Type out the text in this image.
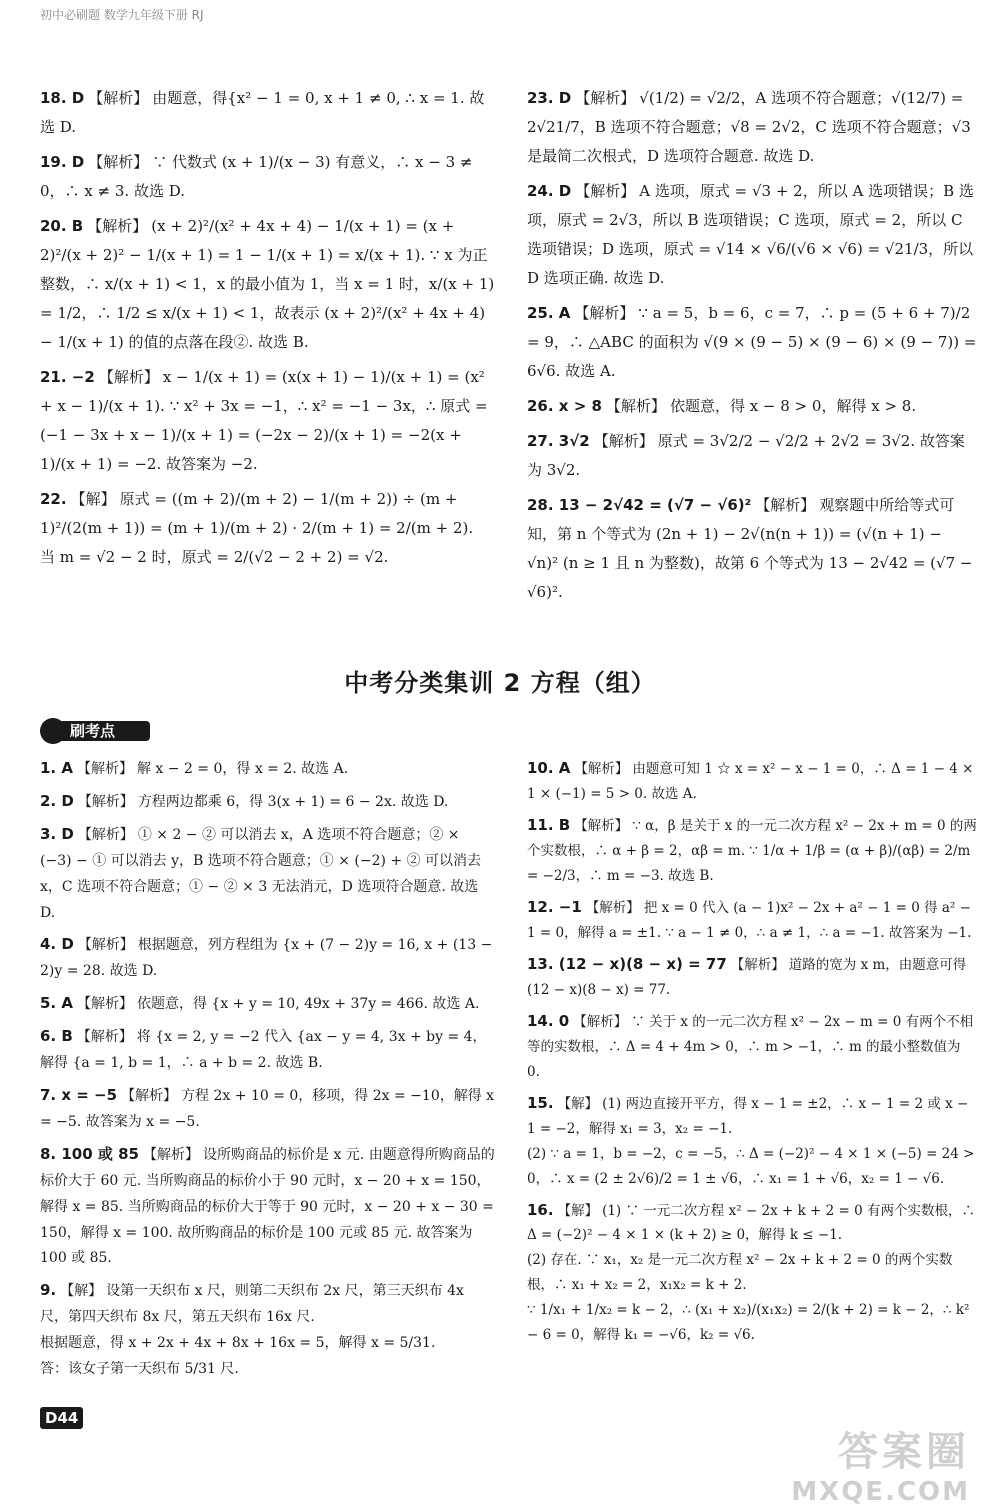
初中必刷题 数学九年级下册 RJ
18. D 【解析】 由题意，得{x² − 1 = 0, x + 1 ≠ 0, ∴ x = 1. 故选 D.
19. D 【解析】 ∵ 代数式 (x + 1)/(x − 3) 有意义，∴ x − 3 ≠ 0，∴ x ≠ 3. 故选 D.
20. B 【解析】 (x + 2)²/(x² + 4x + 4) − 1/(x + 1) = (x + 2)²/(x + 2)² − 1/(x + 1) = 1 − 1/(x + 1) = x/(x + 1). ∵ x 为正整数，∴ x/(x + 1) < 1，x 的最小值为 1，当 x = 1 时，x/(x + 1) = 1/2，∴ 1/2 ≤ x/(x + 1) < 1，故表示 (x + 2)²/(x² + 4x + 4) − 1/(x + 1) 的值的点落在段②. 故选 B.
21. −2 【解析】 x − 1/(x + 1) = (x(x + 1) − 1)/(x + 1) = (x² + x − 1)/(x + 1). ∵ x² + 3x = −1，∴ x² = −1 − 3x，∴ 原式 = (−1 − 3x + x − 1)/(x + 1) = (−2x − 2)/(x + 1) = −2(x + 1)/(x + 1) = −2. 故答案为 −2.
22. 【解】 原式 = ((m + 2)/(m + 2) − 1/(m + 2)) ÷ (m + 1)²/(2(m + 1)) = (m + 1)/(m + 2) · 2/(m + 1) = 2/(m + 2).
当 m = √2 − 2 时，原式 = 2/(√2 − 2 + 2) = √2.
23. D 【解析】 √(1/2) = √2/2，A 选项不符合题意；√(12/7) = 2√21/7，B 选项不符合题意；√8 = 2√2，C 选项不符合题意；√3 是最简二次根式，D 选项符合题意. 故选 D.
24. D 【解析】 A 选项，原式 = √3 + 2，所以 A 选项错误；B 选项，原式 = 2√3，所以 B 选项错误；C 选项，原式 = 2，所以 C 选项错误；D 选项，原式 = √14 × √6/(√6 × √6) = √21/3，所以 D 选项正确. 故选 D.
25. A 【解析】 ∵ a = 5，b = 6，c = 7，∴ p = (5 + 6 + 7)/2 = 9，∴ △ABC 的面积为 √(9 × (9 − 5) × (9 − 6) × (9 − 7)) = 6√6. 故选 A.
26. x > 8 【解析】 依题意，得 x − 8 > 0，解得 x > 8.
27. 3√2 【解析】 原式 = 3√2/2 − √2/2 + 2√2 = 3√2. 故答案为 3√2.
28. 13 − 2√42 = (√7 − √6)² 【解析】 观察题中所给等式可知，第 n 个等式为 (2n + 1) − 2√(n(n + 1)) = (√(n + 1) − √n)² (n ≥ 1 且 n 为整数)，故第 6 个等式为 13 − 2√42 = (√7 − √6)².
中考分类集训 2 方程（组）
刷考点
1. A 【解析】 解 x − 2 = 0，得 x = 2. 故选 A.
2. D 【解析】 方程两边都乘 6，得 3(x + 1) = 6 − 2x. 故选 D.
3. D 【解析】 ① × 2 − ② 可以消去 x，A 选项不符合题意；② × (−3) − ① 可以消去 y，B 选项不符合题意；① × (−2) + ② 可以消去 x，C 选项不符合题意；① − ② × 3 无法消元，D 选项符合题意. 故选 D.
4. D 【解析】 根据题意，列方程组为 {x + (7 − 2)y = 16, x + (13 − 2)y = 28. 故选 D.
5. A 【解析】 依题意，得 {x + y = 10, 49x + 37y = 466. 故选 A.
6. B 【解析】 将 {x = 2, y = −2 代入 {ax − y = 4, 3x + by = 4，解得 {a = 1, b = 1，∴ a + b = 2. 故选 B.
7. x = −5 【解析】 方程 2x + 10 = 0，移项，得 2x = −10，解得 x = −5. 故答案为 x = −5.
8. 100 或 85 【解析】 设所购商品的标价是 x 元. 由题意得所购商品的标价大于 60 元. 当所购商品的标价小于 90 元时，x − 20 + x = 150，解得 x = 85. 当所购商品的标价大于等于 90 元时，x − 20 + x − 30 = 150，解得 x = 100. 故所购商品的标价是 100 元或 85 元. 故答案为 100 或 85.
9. 【解】 设第一天织布 x 尺，则第二天织布 2x 尺，第三天织布 4x 尺，第四天织布 8x 尺，第五天织布 16x 尺.
根据题意，得 x + 2x + 4x + 8x + 16x = 5，解得 x = 5/31.
答：该女子第一天织布 5/31 尺.
10. A 【解析】 由题意可知 1 ☆ x = x² − x − 1 = 0，∴ Δ = 1 − 4 × 1 × (−1) = 5 > 0. 故选 A.
11. B 【解析】 ∵ α，β 是关于 x 的一元二次方程 x² − 2x + m = 0 的两个实数根，∴ α + β = 2，αβ = m. ∵ 1/α + 1/β = (α + β)/(αβ) = 2/m = −2/3，∴ m = −3. 故选 B.
12. −1 【解析】 把 x = 0 代入 (a − 1)x² − 2x + a² − 1 = 0 得 a² − 1 = 0，解得 a = ±1. ∵ a − 1 ≠ 0，∴ a ≠ 1，∴ a = −1. 故答案为 −1.
13. (12 − x)(8 − x) = 77 【解析】 道路的宽为 x m，由题意可得 (12 − x)(8 − x) = 77.
14. 0 【解析】 ∵ 关于 x 的一元二次方程 x² − 2x − m = 0 有两个不相等的实数根，∴ Δ = 4 + 4m > 0，∴ m > −1，∴ m 的最小整数值为 0.
15. 【解】 (1) 两边直接开平方，得 x − 1 = ±2，∴ x − 1 = 2 或 x − 1 = −2，解得 x₁ = 3，x₂ = −1.
(2) ∵ a = 1，b = −2，c = −5，∴ Δ = (−2)² − 4 × 1 × (−5) = 24 > 0，∴ x = (2 ± 2√6)/2 = 1 ± √6，∴ x₁ = 1 + √6，x₂ = 1 − √6.
16. 【解】 (1) ∵ 一元二次方程 x² − 2x + k + 2 = 0 有两个实数根，∴ Δ = (−2)² − 4 × 1 × (k + 2) ≥ 0，解得 k ≤ −1.
(2) 存在. ∵ x₁，x₂ 是一元二次方程 x² − 2x + k + 2 = 0 的两个实数根，∴ x₁ + x₂ = 2，x₁x₂ = k + 2.
∵ 1/x₁ + 1/x₂ = k − 2，∴ (x₁ + x₂)/(x₁x₂) = 2/(k + 2) = k − 2，∴ k² − 6 = 0，解得 k₁ = −√6，k₂ = √6.
D44
答案圈
MXQE.COM
